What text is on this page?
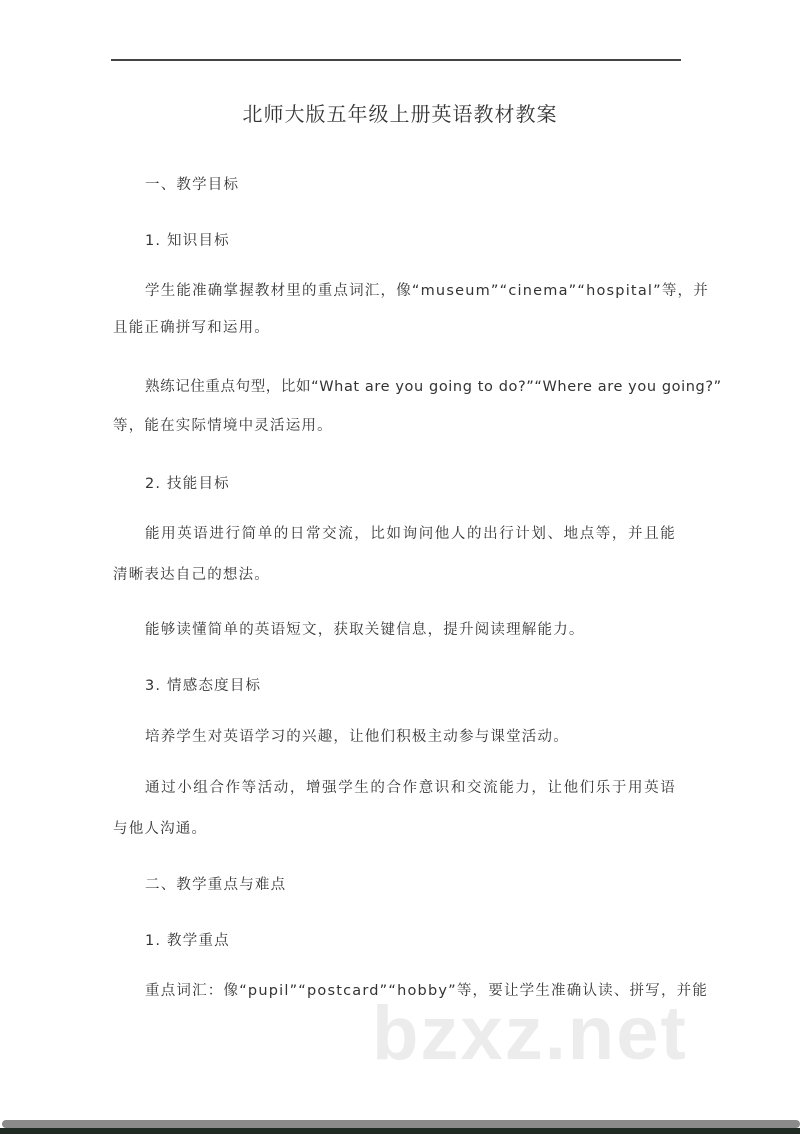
北师大版五年级上册英语教材教案
一、教学目标
1. 知识目标
学生能准确掌握教材里的重点词汇，像“museum”“cinema”“hospital”等，并
且能正确拼写和运用。
熟练记住重点句型，比如“What are you going to do?”“Where are you going?”
等，能在实际情境中灵活运用。
2. 技能目标
能用英语进行简单的日常交流，比如询问他人的出行计划、地点等，并且能
清晰表达自己的想法。
能够读懂简单的英语短文，获取关键信息，提升阅读理解能力。
3. 情感态度目标
培养学生对英语学习的兴趣，让他们积极主动参与课堂活动。
通过小组合作等活动，增强学生的合作意识和交流能力，让他们乐于用英语
与他人沟通。
二、教学重点与难点
1. 教学重点
重点词汇：像“pupil”“postcard”“hobby”等，要让学生准确认读、拼写，并能
bzxz.net
